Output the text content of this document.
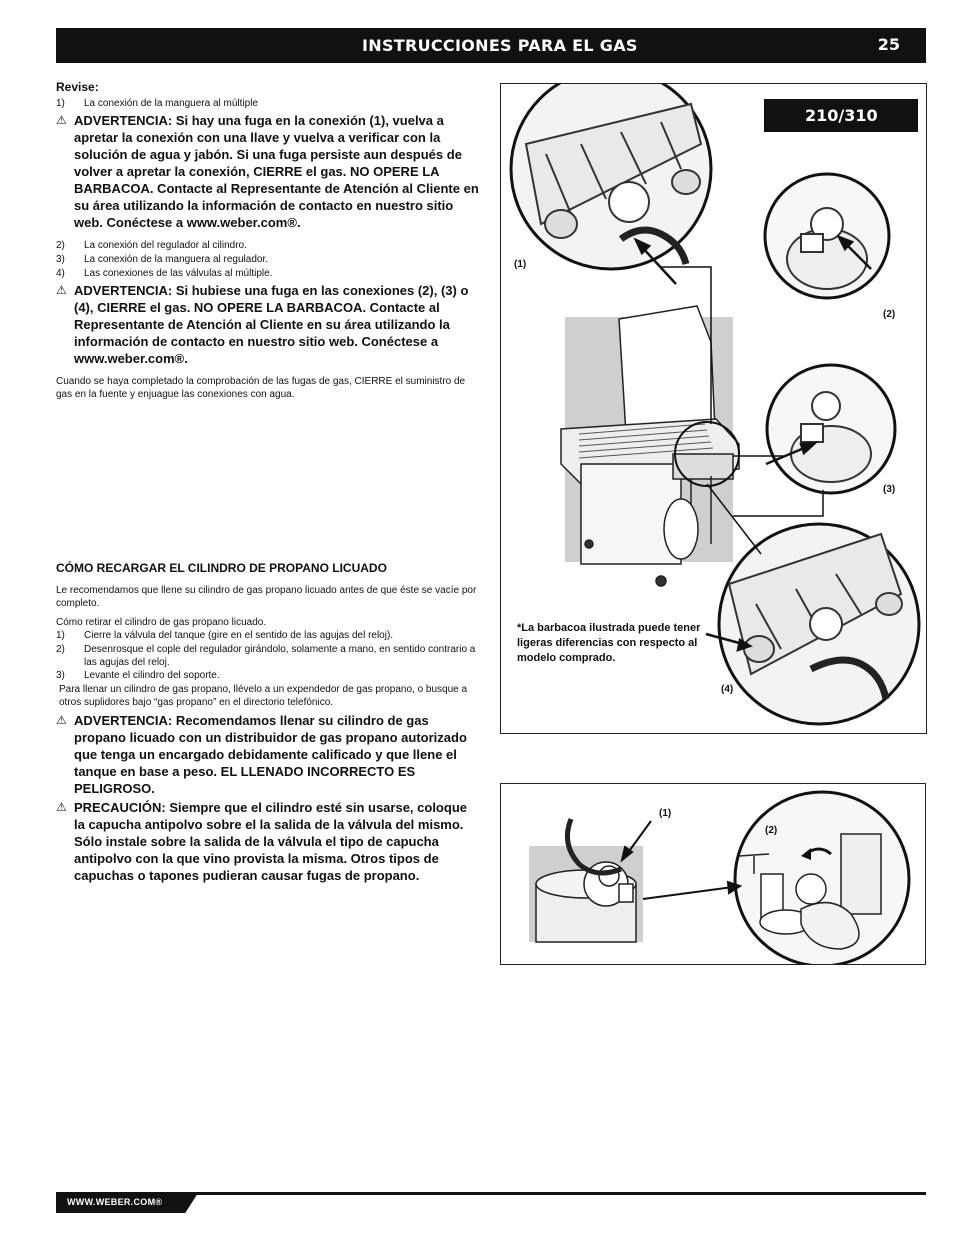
INSTRUCCIONES PARA EL GAS	25
Revise:
1)	La conexión de la manguera al múltiple
⚠ ADVERTENCIA: Si hay una fuga en la conexión (1), vuelva a apretar la conexión con una llave y vuelva a verificar con la solución de agua y jabón. Si una fuga persiste aun después de volver a apretar la conexión, CIERRE el gas. NO OPERE LA BARBACOA. Contacte al Representante de Atención al Cliente en su área utilizando la información de contacto en nuestro sitio web. Conéctese a www.weber.com®.
2)	La conexión del regulador al cilindro.
3)	La conexión de la manguera al regulador.
4)	Las conexiones de las válvulas al múltiple.
⚠ ADVERTENCIA: Si hubiese una fuga en las conexiones (2), (3) o (4), CIERRE el gas. NO OPERE LA BARBACOA. Contacte al Representante de Atención al Cliente en su área utilizando la información de contacto en nuestro sitio web. Conéctese a www.weber.com®.
Cuando se haya completado la comprobación de las fugas de gas, CIERRE el suministro de gas en la fuente y enjuague las conexiones con agua.
CÓMO RECARGAR EL CILINDRO DE PROPANO LICUADO
Le recomendamos que llene su cilindro de gas propano licuado antes de que éste se vacíe por completo.
Cómo retirar el cilindro de gas propano licuado.
1)	Cierre la válvula del tanque (gire en el sentido de las agujas del reloj).
2)	Desenrosque el cople del regulador girándolo, solamente a mano, en sentido contrario a las agujas del reloj.
3)	Levante el cilindro del soporte.
Para llenar un cilindro de gas propano, llévelo a un expendedor de gas propano, o busque a otros suplidores bajo “gas propano” en el directorio telefónico.
⚠ ADVERTENCIA: Recomendamos llenar su cilindro de gas propano licuado con un distribuidor de gas propano autorizado que tenga un encargado debidamente calificado y que llene el tanque en base a peso. EL LLENADO INCORRECTO ES PELIGROSO.
⚠ PRECAUCIÓN: Siempre que el cilindro esté sin usarse, coloque la capucha antipolvo sobre el la salida de la válvula del mismo. Sólo instale sobre la salida de la válvula el tipo de capucha antipolvo con la que vino provista la misma. Otros tipos de capuchas o tapones pudieran causar fugas de propano.
(1)
(2)
(3)
(4)
210/310
*La barbacoa ilustrada puede tener ligeras diferencias con respecto al modelo comprado.
(1)
(2)
WWW.WEBER.COM®
